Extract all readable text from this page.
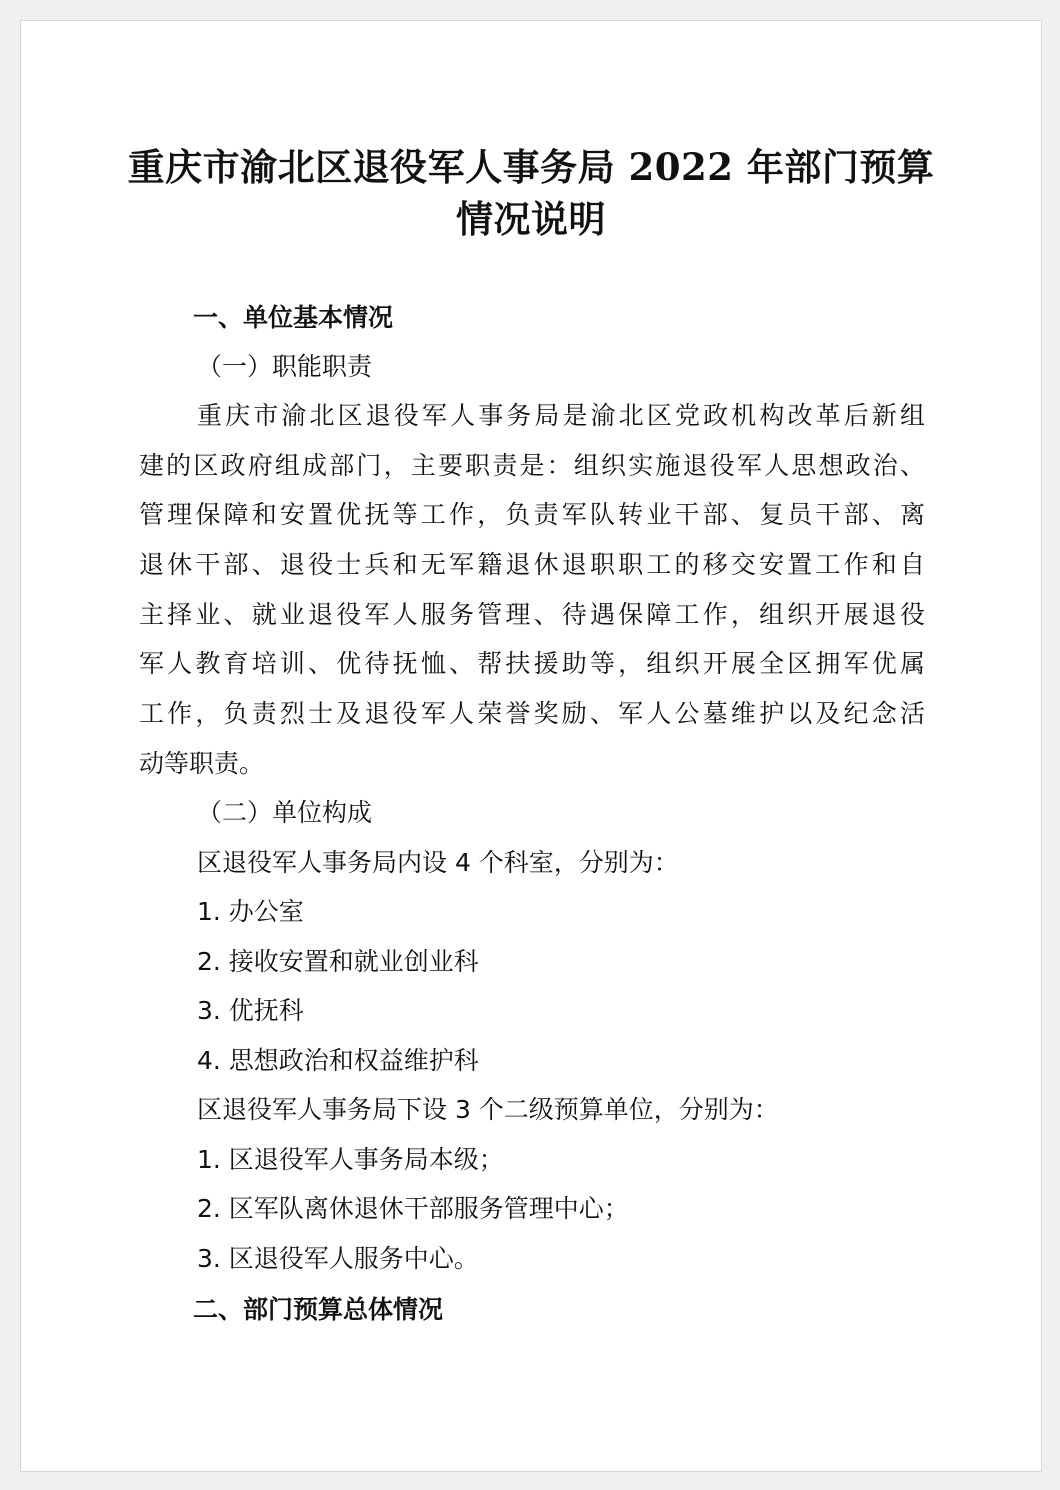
重庆市渝北区退役军人事务局 2022 年部门预算
情况说明
一、单位基本情况
（一）职能职责
重庆市渝北区退役军人事务局是渝北区党政机构改革后新组
建的区政府组成部门，主要职责是：组织实施退役军人思想政治、
管理保障和安置优抚等工作，负责军队转业干部、复员干部、离
退休干部、退役士兵和无军籍退休退职职工的移交安置工作和自
主择业、就业退役军人服务管理、待遇保障工作，组织开展退役
军人教育培训、优待抚恤、帮扶援助等，组织开展全区拥军优属
工作，负责烈士及退役军人荣誉奖励、军人公墓维护以及纪念活
动等职责。
（二）单位构成
区退役军人事务局内设 4 个科室，分别为：
1. 办公室
2. 接收安置和就业创业科
3. 优抚科
4. 思想政治和权益维护科
区退役军人事务局下设 3 个二级预算单位，分别为：
1. 区退役军人事务局本级；
2. 区军队离休退休干部服务管理中心；
3. 区退役军人服务中心。
二、部门预算总体情况
